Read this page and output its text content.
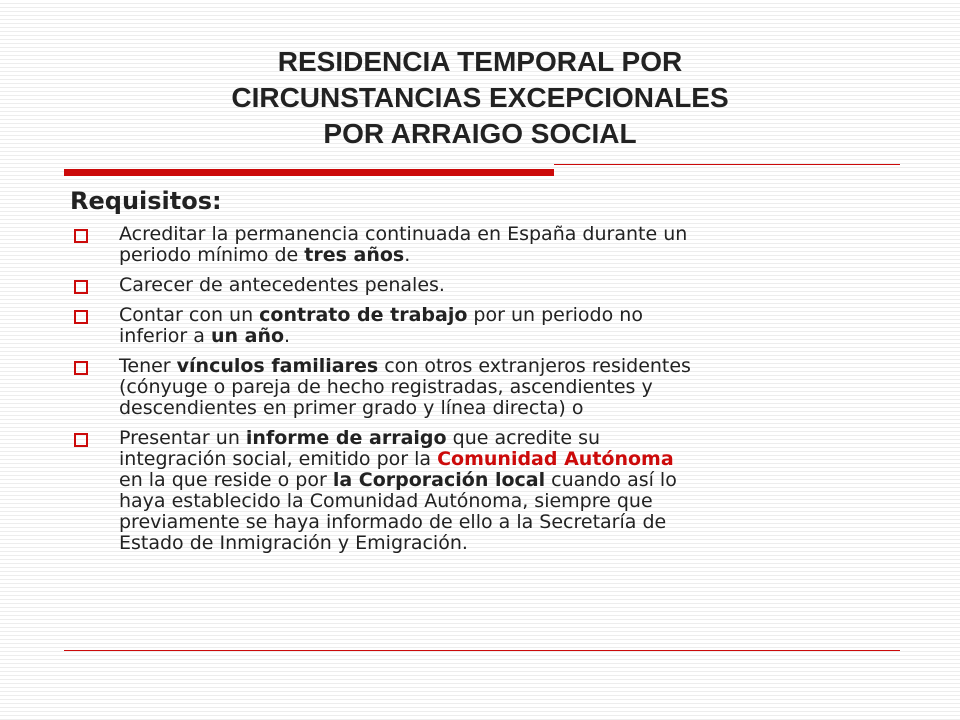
RESIDENCIA TEMPORAL POR
CIRCUNSTANCIAS EXCEPCIONALES
POR ARRAIGO SOCIAL
Requisitos:
Acreditar la permanencia continuada en España durante un
periodo mínimo de tres años.
Carecer de antecedentes penales.
Contar con un contrato de trabajo por un periodo no
inferior a un año.
Tener vínculos familiares con otros extranjeros residentes
(cónyuge o pareja de hecho registradas, ascendientes y
descendientes en primer grado y línea directa) o
Presentar un informe de arraigo que acredite su
integración social, emitido por la Comunidad Autónoma
en la que reside o por la Corporación local cuando así lo
haya establecido la Comunidad Autónoma, siempre que
previamente se haya informado de ello a la Secretaría de
Estado de Inmigración y Emigración.
